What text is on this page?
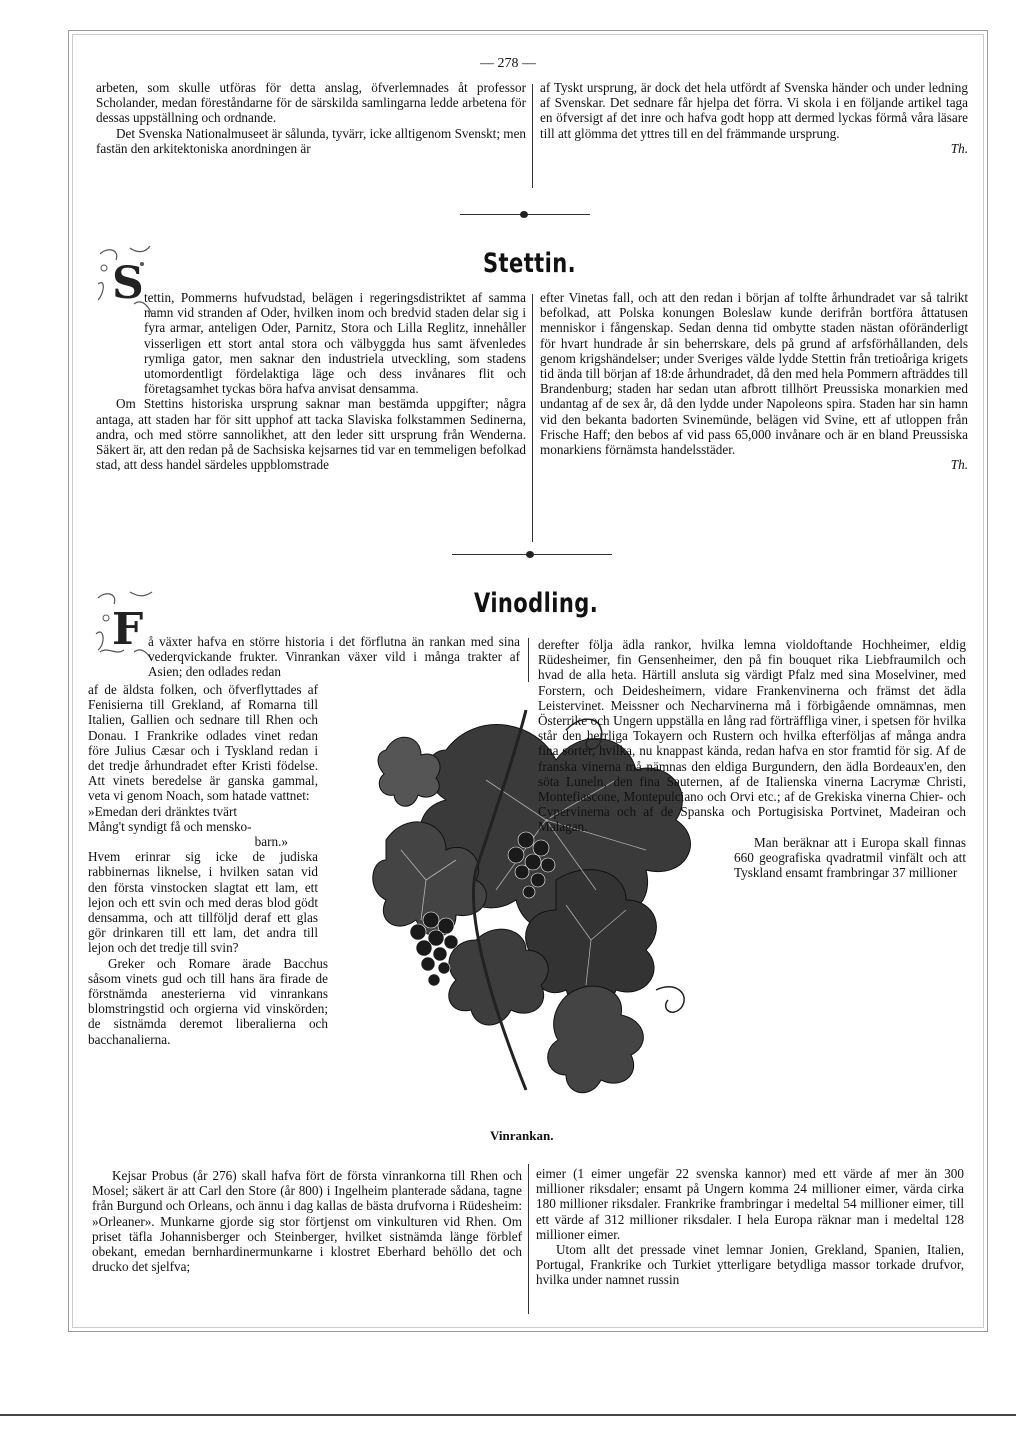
— 278 —

arbeten, som skulle utföras för detta anslag, öfverlemnades åt professor Scholander, medan föreståndarne för de särskilda samlingarna ledde arbetena för dessas uppställning och ordnande.

Det Svenska Nationalmuseet är sålunda, tyvärr, icke alltigenom Svenskt; men fastän den arkitektoniska anordningen är

af Tyskt ursprung, är dock det hela utfördt af Svenska händer och under ledning af Svenskar. Det sednare får hjelpa det förra. Vi skola i en följande artikel taga en öfversigt af det inre och hafva godt hopp att dermed lyckas förmå våra läsare till att glömma det yttres till en del främmande ursprung.

Th.

S	Stettin.

tettin, Pommerns hufvudstad, belägen i regeringsdistriktet af samma namn vid stranden af Oder, hvilken inom och bredvid staden delar sig i fyra armar, anteligen Oder, Parnitz, Stora och Lilla Reglitz, innehåller visserligen ett stort antal stora och välbyggda hus samt äfvenledes rymliga gator, men saknar den industriela utveckling, som stadens utomordentligt fördelaktiga läge och dess invånares flit och företagsamhet tyckas böra hafva anvisat densamma.

Om Stettins historiska ursprung saknar man bestämda uppgifter; några antaga, att staden har för sitt upphof att tacka Slaviska folkstammen Sedinerna, andra, och med större sannolikhet, att den leder sitt ursprung från Wenderna. Säkert är, att den redan på de Sachsiska kejsarnes tid var en temmeligen befolkad stad, att dess handel särdeles uppblomstrade

efter Vinetas fall, och att den redan i början af tolfte århundradet var så talrikt befolkad, att Polska konungen Boleslaw kunde derifrån bortföra åttatusen menniskor i fångenskap. Sedan denna tid ombytte staden nästan oföränderligt för hvart hundrade år sin beherrskare, dels på grund af arfsförhållanden, dels genom krigshändelser; under Sveriges välde lydde Stettin från tretioåriga krigets tid ända till början af 18:de århundradet, då den med hela Pommern afträddes till Brandenburg; staden har sedan utan afbrott tillhört Preussiska monarkien med undantag af de sex år, då den lydde under Napoleons spira. Staden har sin hamn vid den bekanta badorten Svinemünde, belägen vid Svine, ett af utloppen från Frische Haff; den bebos af vid pass 65,000 invånare och är en bland Preussiska monarkiens förnämsta handelsstäder.

Th.

F
Vinodling.

å växter hafva en större historia i det förflutna än rankan med sina vederqvickande frukter. Vinrankan växer vild i många trakter af Asien; den odlades redan

af de äldsta folken, och öfverflyttades af Fenisierna till Grekland, af Romarna till Italien, Gallien och sednare till Rhen och Donau. I Frankrike odlades vinet redan före Julius Cæsar och i Tyskland redan i det tredje århundradet efter Kristi födelse. Att vinets beredelse är ganska gammal, veta vi genom Noach, som hatade vattnet:

»Emedan deri dränktes tvärt

Mång't syndigt få och mensko-

barn.»

Hvem erinrar sig icke de judiska rabbinernas liknelse, i hvilken satan vid den första vinstocken slagtat ett lam, ett lejon och ett svin och med deras blod gödt densamma, och att tillföljd deraf ett glas gör drinkaren till ett lam, det andra till lejon och det tredje till svin?

Greker och Romare ärade Bacchus såsom vinets gud och till hans ära firade de förstnämda anesterierna vid vinrankans blomstringstid och orgierna vid vinskörden; de sistnämda deremot liberalierna och bacchanalierna.

Vinrankan.

derefter följa ädla rankor, hvilka lemna violdoftande Hochheimer, eldig Rüdesheimer, fin Gensenheimer, den på fin bouquet rika Liebfraumilch och hvad de alla heta. Härtill ansluta sig värdigt Pfalz med sina Moselviner, med Forstern, och Deidesheimern, vidare Frankenvinerna och främst det ädla Leistervinet. Meissner och Necharvinerna må i förbigående omnämnas, men Österrike och Ungern uppställa en lång rad förträffliga viner, i spetsen för hvilka står den herrliga Tokayern och Rustern och hvilka efterföljas af många andra fina sorter, hvilka, nu knappast kända, redan hafva en stor framtid för sig. Af de franska vinerna må nämnas den eldiga Burgundern, den ädla Bordeaux'en, den söta Luneln, den fina Sauternen, af de Italienska vinerna Lacrymæ Christi, Montefiascone, Montepulciano och Orvi etc.; af de Grekiska vinerna Chier- och Cypervinerna och af de Spanska och Portugisiska Portvinet, Madeiran och Malagan.

Man beräknar att i Europa skall finnas 660 geografiska qvadratmil vinfält och att Tyskland ensamt frambringar 37 millioner

Kejsar Probus (år 276) skall hafva fört de första vinrankorna till Rhen och Mosel; säkert är att Carl den Store (år 800) i Ingelheim planterade sådana, tagne från Burgund och Orleans, och ännu i dag kallas de bästa drufvorna i Rüdesheim: »Orleaner». Munkarne gjorde sig stor förtjenst om vinkulturen vid Rhen. Om priset täfla Johannisberger och Steinberger, hvilket sistnämda länge förblef obekant, emedan bernhardinermunkarne i klostret Eberhard behöllo det och drucko det sjelfva;

eimer (1 eimer ungefär 22 svenska kannor) med ett värde af mer än 300 millioner riksdaler; ensamt på Ungern komma 24 millioner eimer, värda cirka 180 millioner riksdaler. Frankrike frambringar i medeltal 54 millioner eimer, till ett värde af 312 millioner riksdaler. I hela Europa räknar man i medeltal 128 millioner eimer.

Utom allt det pressade vinet lemnar Jonien, Grekland, Spanien, Italien, Portugal, Frankrike och Turkiet ytterligare betydliga massor torkade drufvor, hvilka under namnet russin
